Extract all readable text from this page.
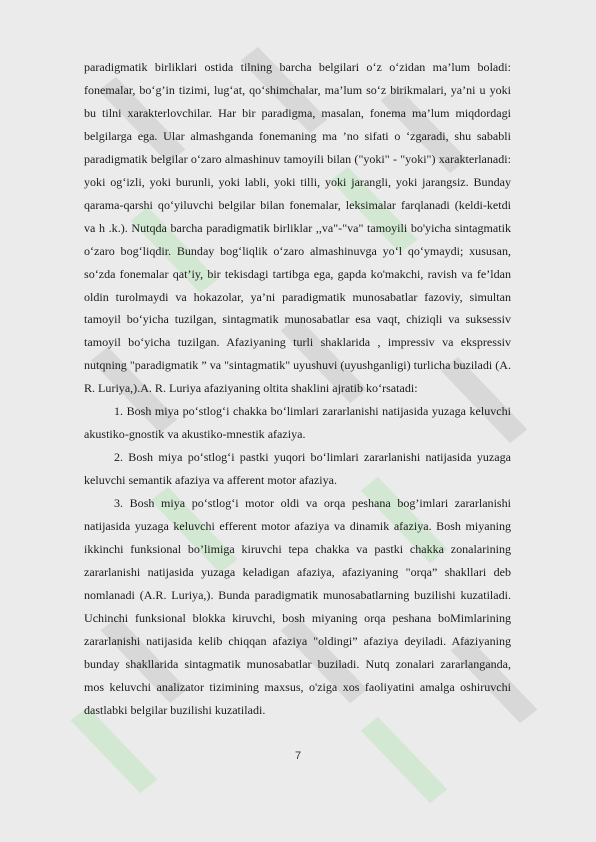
paradigmatik birliklari ostida tilning barcha belgilari o‘z o‘zidan ma’lum boladi: fonemalar, bo‘g’in tizimi, lug‘at, qo‘shimchalar, ma’lum so‘z birikmalari, ya’ni u yoki bu tilni xarakterlovchilar. Har bir paradigma, masalan, fonema ma’lum miqdordagi belgilarga ega. Ular almashganda fonemaning ma ’no sifati o ‘zgaradi, shu sababli paradigmatik belgilar o‘zaro almashinuv tamoyili bilan ("yoki" - "yoki") xarakterlanadi: yoki og‘izli, yoki burunli, yoki labli, yoki tilli, yoki jarangli, yoki jarangsiz. Bunday qarama-qarshi qo‘yiluvchi belgilar bilan fonemalar, leksimalar farqlanadi (keldi-ketdi va h .k.). Nutqda barcha paradigmatik birliklar ,,va"-"va" tamoyili bo'yicha sintagmatik o‘zaro bog‘liqdir. Bunday bog‘liqlik o‘zaro almashinuvga yo‘l qo‘ymaydi; xususan, so‘zda fonemalar qat’iy, bir tekisdagi tartibga ega, gapda ko'makchi, ravish va fe’ldan oldin turolmaydi va hokazolar, ya’ni paradigmatik munosabatlar fazoviy, simultan tamoyil bo‘yicha tuzilgan, sintagmatik munosabatlar esa vaqt, chiziqli va suksessiv tamoyil bo‘yicha tuzilgan. Afaziyaning turli shaklarida , impressiv va ekspressiv nutqning "paradigmatik ” va "sintagmatik" uyushuvi (uyushganligi) turlicha buziladi (A. R. Luriya,).A. R. Luriya afaziyaning oltita shaklini ajratib ko‘rsatadi:

1. Bosh miya po‘stlog‘i chakka bo‘limlari zararlanishi natijasida yuzaga keluvchi akustiko-gnostik va akustiko-mnestik afaziya.

2. Bosh miya po‘stlog‘i pastki yuqori bo‘limlari zararlanishi natijasida yuzaga keluvchi semantik afaziya va afferent motor afaziya.

3. Bosh miya po‘stlog‘i motor oldi va orqa peshana bog’imlari zararlanishi natijasida yuzaga keluvchi efferent motor afaziya va dinamik afaziya. Bosh miyaning ikkinchi funksional bo’limiga kiruvchi tepa chakka va pastki chakka zonalarining zararlanishi natijasida yuzaga keladigan afaziya, afaziyaning "orqa” shakllari deb nomlanadi (A.R. Luriya,). Bunda paradigmatik munosabatlarning buzilishi kuzatiladi. Uchinchi funksional blokka kiruvchi, bosh miyaning orqa peshana boMimlarining zararlanishi natijasida kelib chiqqan afaziya "oldingi” afaziya deyiladi. Afaziyaning bunday shakllarida sintagmatik munosabatlar buziladi. Nutq zonalari zararlanganda, mos keluvchi analizator tizimining maxsus, o'ziga xos faoliyatini amalga oshiruvchi dastlabki belgilar buzilishi kuzatiladi.

7
